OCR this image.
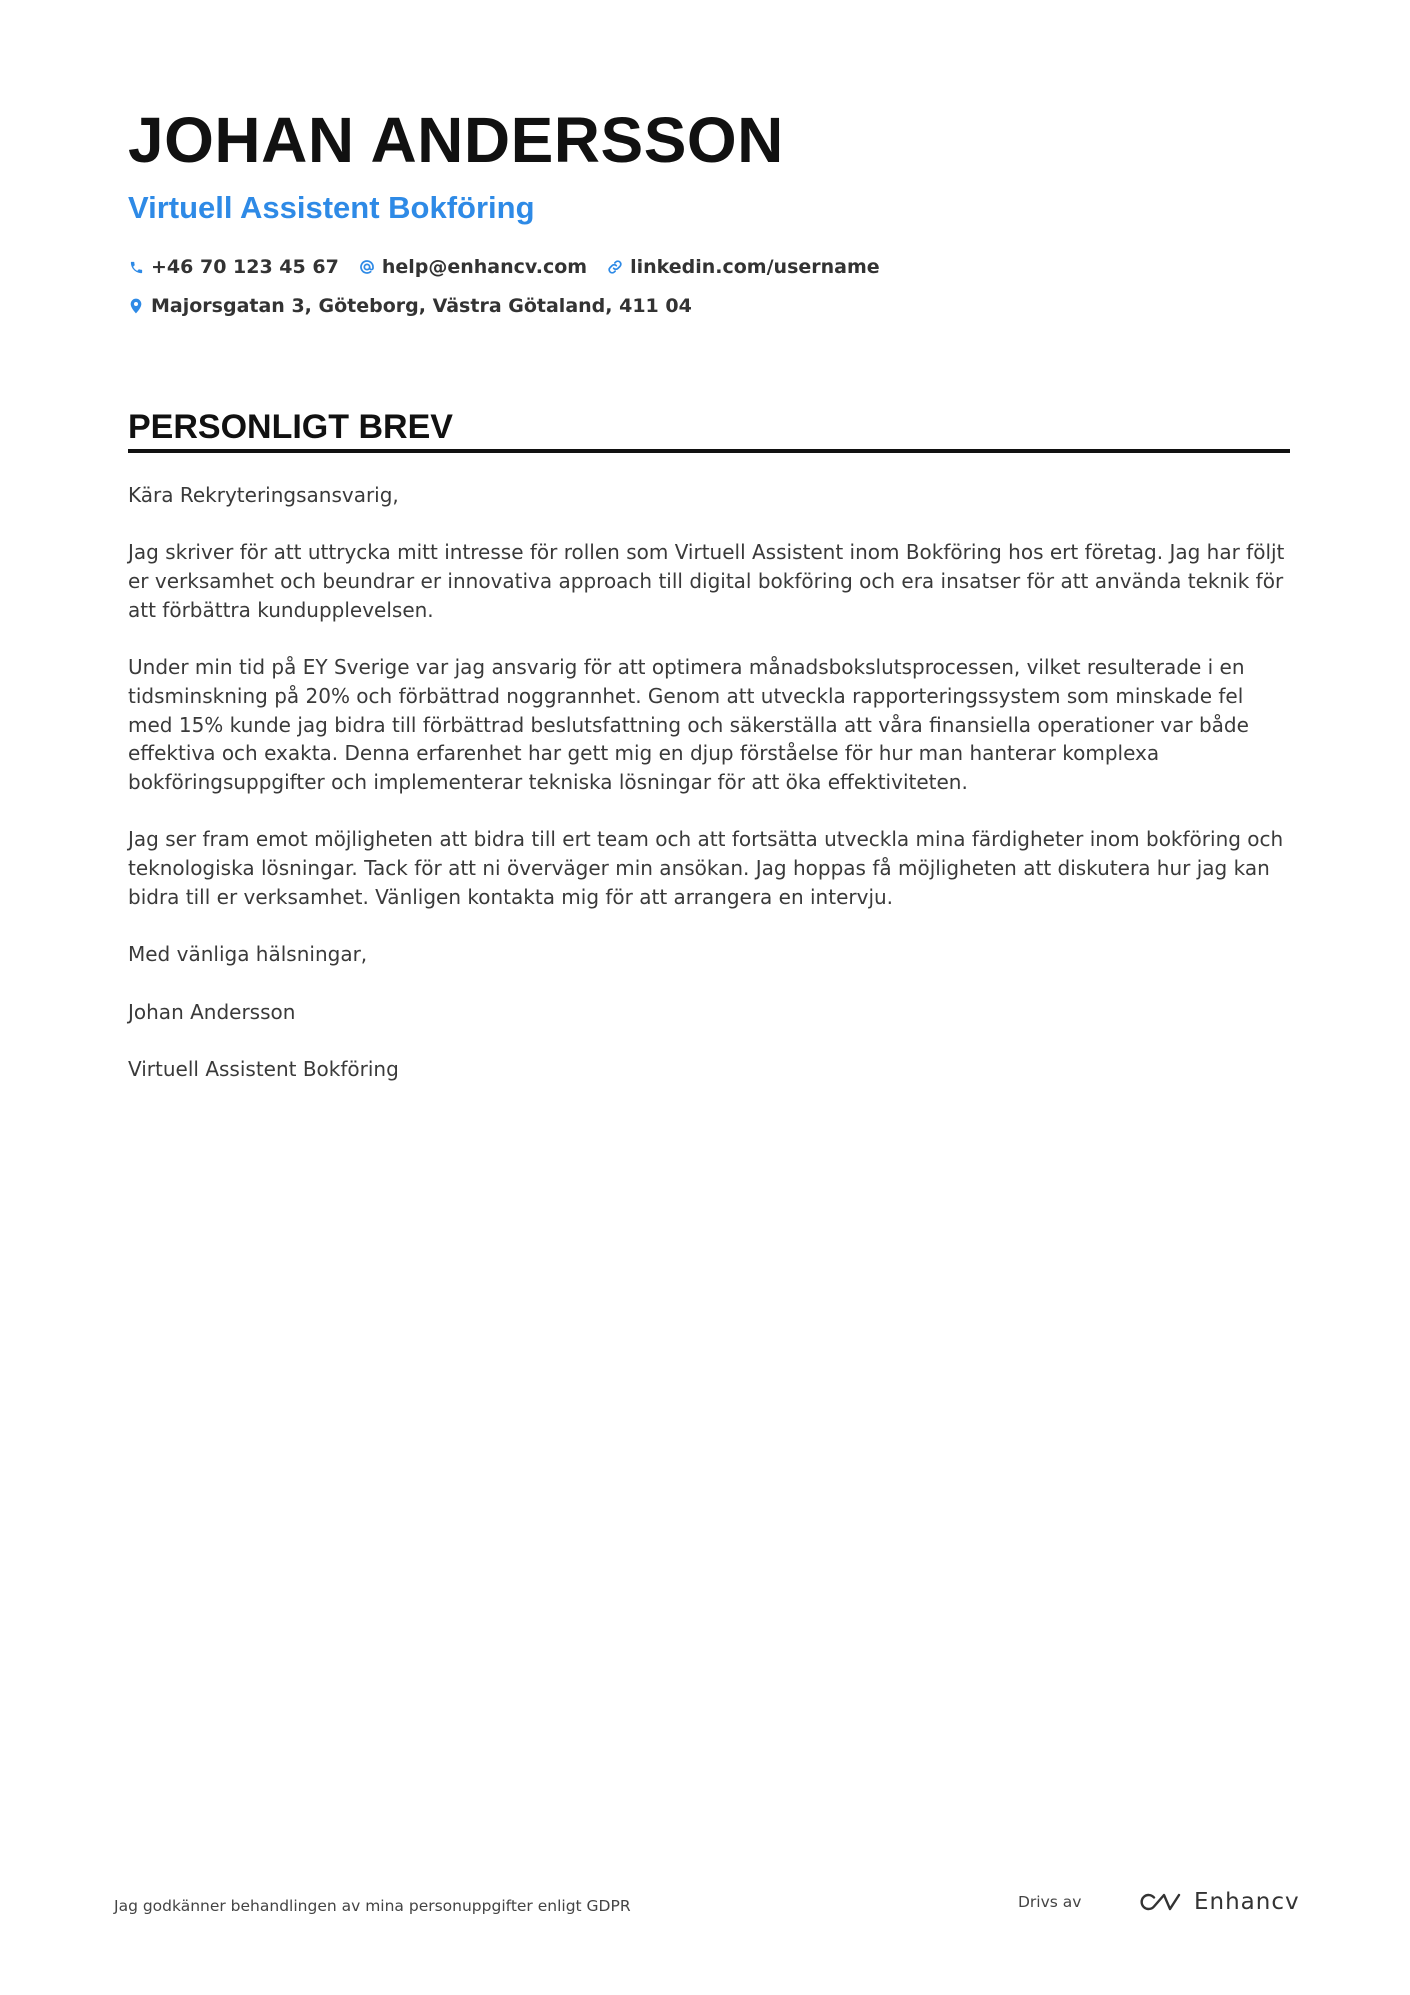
JOHAN ANDERSSON
Virtuell Assistent Bokföring
+46 70 123 45 67 help@enhancv.com linkedin.com/username
Majorsgatan 3, Göteborg, Västra Götaland, 411 04
PERSONLIGT BREV

Kära Rekryteringsansvarig,

Jag skriver för att uttrycka mitt intresse för rollen som Virtuell Assistent inom Bokföring hos ert företag. Jag har följt er verksamhet och beundrar er innovativa approach till digital bokföring och era insatser för att använda teknik för att förbättra kundupplevelsen.

Under min tid på EY Sverige var jag ansvarig för att optimera månadsbokslutsprocessen, vilket resulterade i en tidsminskning på 20% och förbättrad noggrannhet. Genom att utveckla rapporteringssystem som minskade fel med 15% kunde jag bidra till förbättrad beslutsfattning och säkerställa att våra finansiella operationer var både effektiva och exakta. Denna erfarenhet har gett mig en djup förståelse för hur man hanterar komplexa bokföringsuppgifter och implementerar tekniska lösningar för att öka effektiviteten.

Jag ser fram emot möjligheten att bidra till ert team och att fortsätta utveckla mina färdigheter inom bokföring och teknologiska lösningar. Tack för att ni överväger min ansökan. Jag hoppas få möjligheten att diskutera hur jag kan bidra till er verksamhet. Vänligen kontakta mig för att arrangera en intervju.

Med vänliga hälsningar,

Johan Andersson

Virtuell Assistent Bokföring

Jag godkänner behandlingen av mina personuppgifter enligt GDPR	Drivs av	Enhancv
